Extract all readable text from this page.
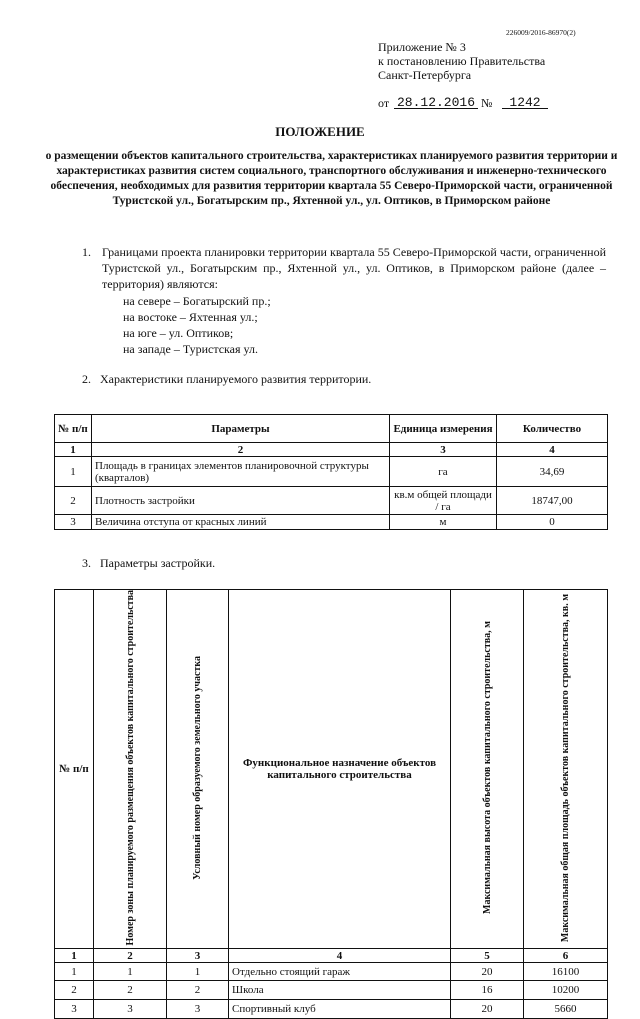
226009/2016-86970(2)
Приложение № 3
к постановлению Правительства
Санкт-Петербурга
от 28.12.2016 №	1242
ПОЛОЖЕНИЕ
о размещении объектов капитального строительства, характеристиках планируемого развития территории и характеристиках развития систем социального, транспортного обслуживания и инженерно-технического обеспечения, необходимых для развития территории квартала 55 Северо-Приморской части, ограниченной Туристской ул., Богатырским пр., Яхтенной ул., ул. Оптиков, в Приморском районе
1. Границами проекта планировки территории квартала 55 Северо-Приморской части, ограниченной Туристской ул., Богатырским пр., Яхтенной ул., ул. Оптиков, в Приморском районе (далее – территория) являются:
на севере – Богатырский пр.;
на востоке – Яхтенная ул.;
на юге – ул. Оптиков;
на западе – Туристская ул.
2.   Характеристики планируемого развития территории.
№ п/п	Параметры	Единица измерения	Количество
1	2	3	4
1	Площадь в границах элементов планировочной структуры (кварталов)	га	34,69
2	Плотность застройки	кв.м общей площади / га	18747,00
3	Величина отступа от красных линий	м	0
3.   Параметры застройки.
№ п/п	Номер зоны планируемого размещения объектов капитального строительства	Условный номер образуемого земельного участка	Функциональное назначение объектов капитального строительства	Максимальная высота объектов капитального строительства, м	Максимальная общая площадь объектов капитального строительства, кв. м
1	2	3	4	5	6
1	1	1	Отдельно стоящий гараж	20	16100
2	2	2	Школа	16	10200
3	3	3	Спортивный клуб	20	5660
